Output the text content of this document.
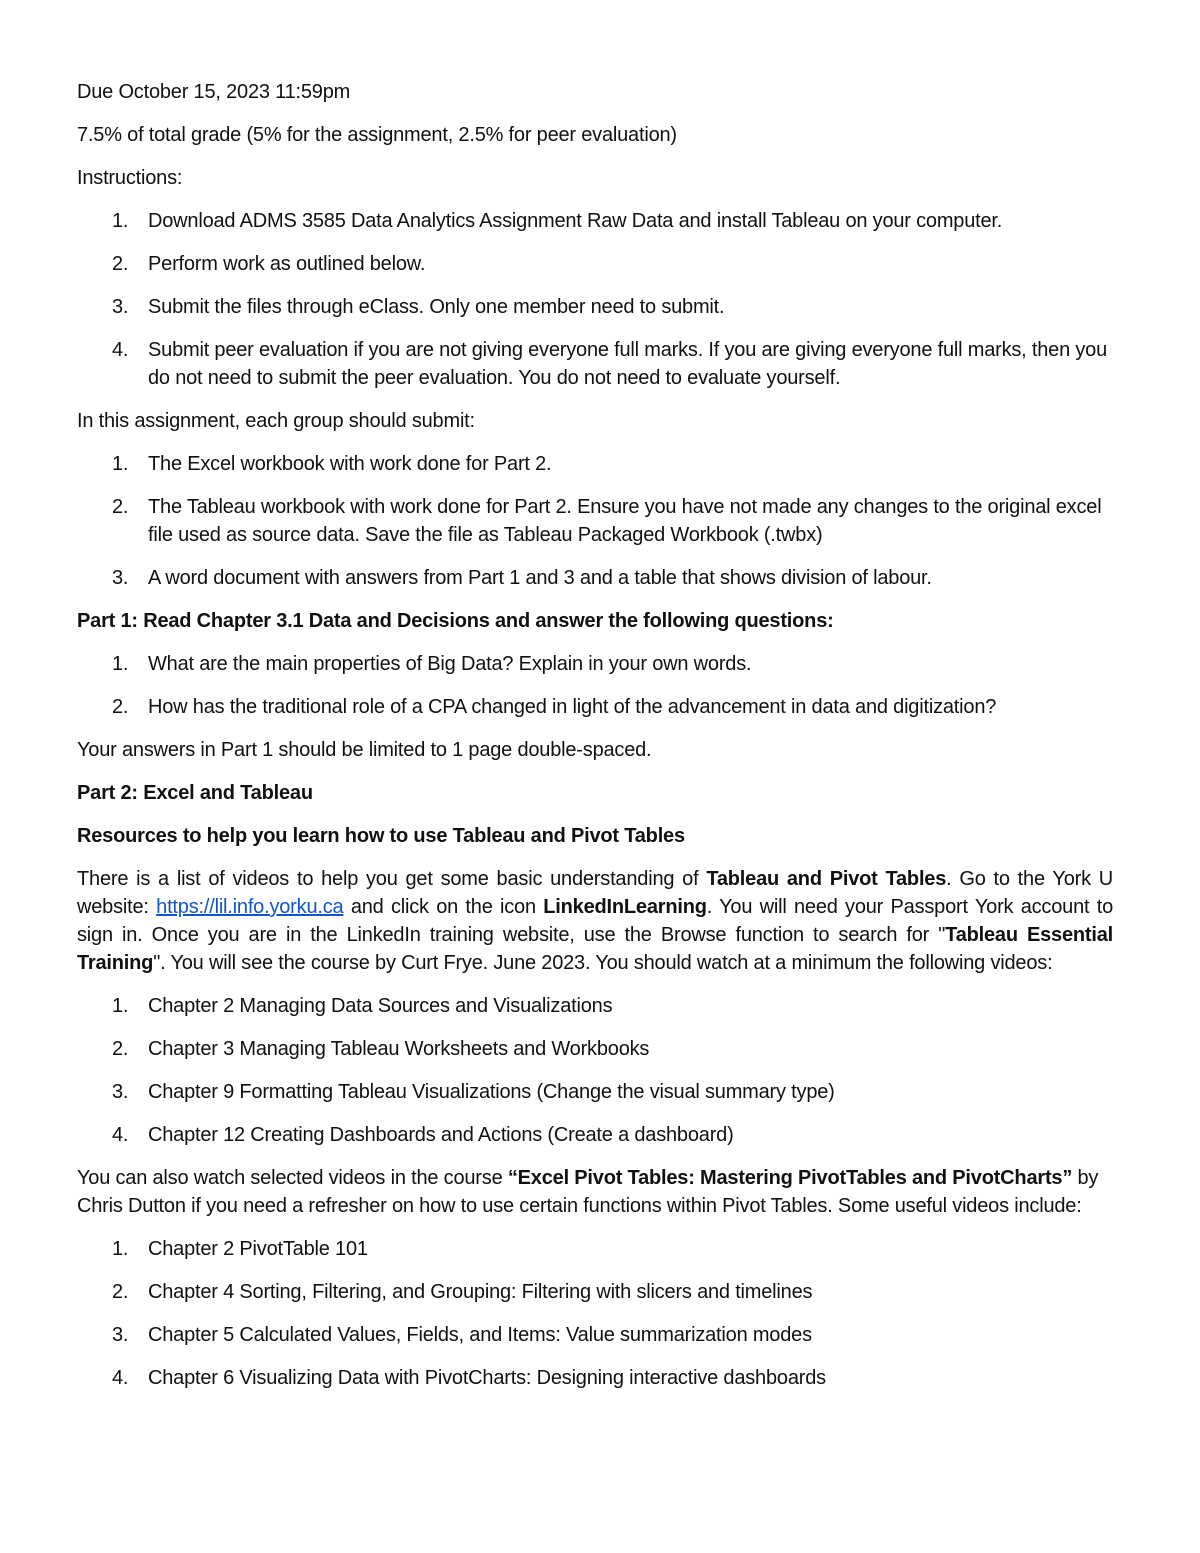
Due October 15, 2023 11:59pm

7.5% of total grade (5% for the assignment, 2.5% for peer evaluation)

Instructions:

1. Download ADMS 3585 Data Analytics Assignment Raw Data and install Tableau on your computer.
2. Perform work as outlined below.
3. Submit the files through eClass. Only one member need to submit.
4. Submit peer evaluation if you are not giving everyone full marks. If you are giving everyone full marks, then you do not need to submit the peer evaluation. You do not need to evaluate yourself.

In this assignment, each group should submit:

1. The Excel workbook with work done for Part 2.
2. The Tableau workbook with work done for Part 2. Ensure you have not made any changes to the original excel file used as source data. Save the file as Tableau Packaged Workbook (.twbx)
3. A word document with answers from Part 1 and 3 and a table that shows division of labour.

Part 1: Read Chapter 3.1 Data and Decisions and answer the following questions:

1. What are the main properties of Big Data? Explain in your own words.
2. How has the traditional role of a CPA changed in light of the advancement in data and digitization?

Your answers in Part 1 should be limited to 1 page double-spaced.

Part 2: Excel and Tableau

Resources to help you learn how to use Tableau and Pivot Tables

There is a list of videos to help you get some basic understanding of Tableau and Pivot Tables. Go to the York U website: https://lil.info.yorku.ca and click on the icon LinkedInLearning. You will need your Passport York account to sign in. Once you are in the LinkedIn training website, use the Browse function to search for "Tableau Essential Training". You will see the course by Curt Frye. June 2023. You should watch at a minimum the following videos:

1. Chapter 2 Managing Data Sources and Visualizations
2. Chapter 3 Managing Tableau Worksheets and Workbooks
3. Chapter 9 Formatting Tableau Visualizations (Change the visual summary type)
4. Chapter 12 Creating Dashboards and Actions (Create a dashboard)

You can also watch selected videos in the course “Excel Pivot Tables: Mastering PivotTables and PivotCharts” by Chris Dutton if you need a refresher on how to use certain functions within Pivot Tables. Some useful videos include:

1. Chapter 2 PivotTable 101
2. Chapter 4 Sorting, Filtering, and Grouping: Filtering with slicers and timelines
3. Chapter 5 Calculated Values, Fields, and Items: Value summarization modes
4. Chapter 6 Visualizing Data with PivotCharts: Designing interactive dashboards
